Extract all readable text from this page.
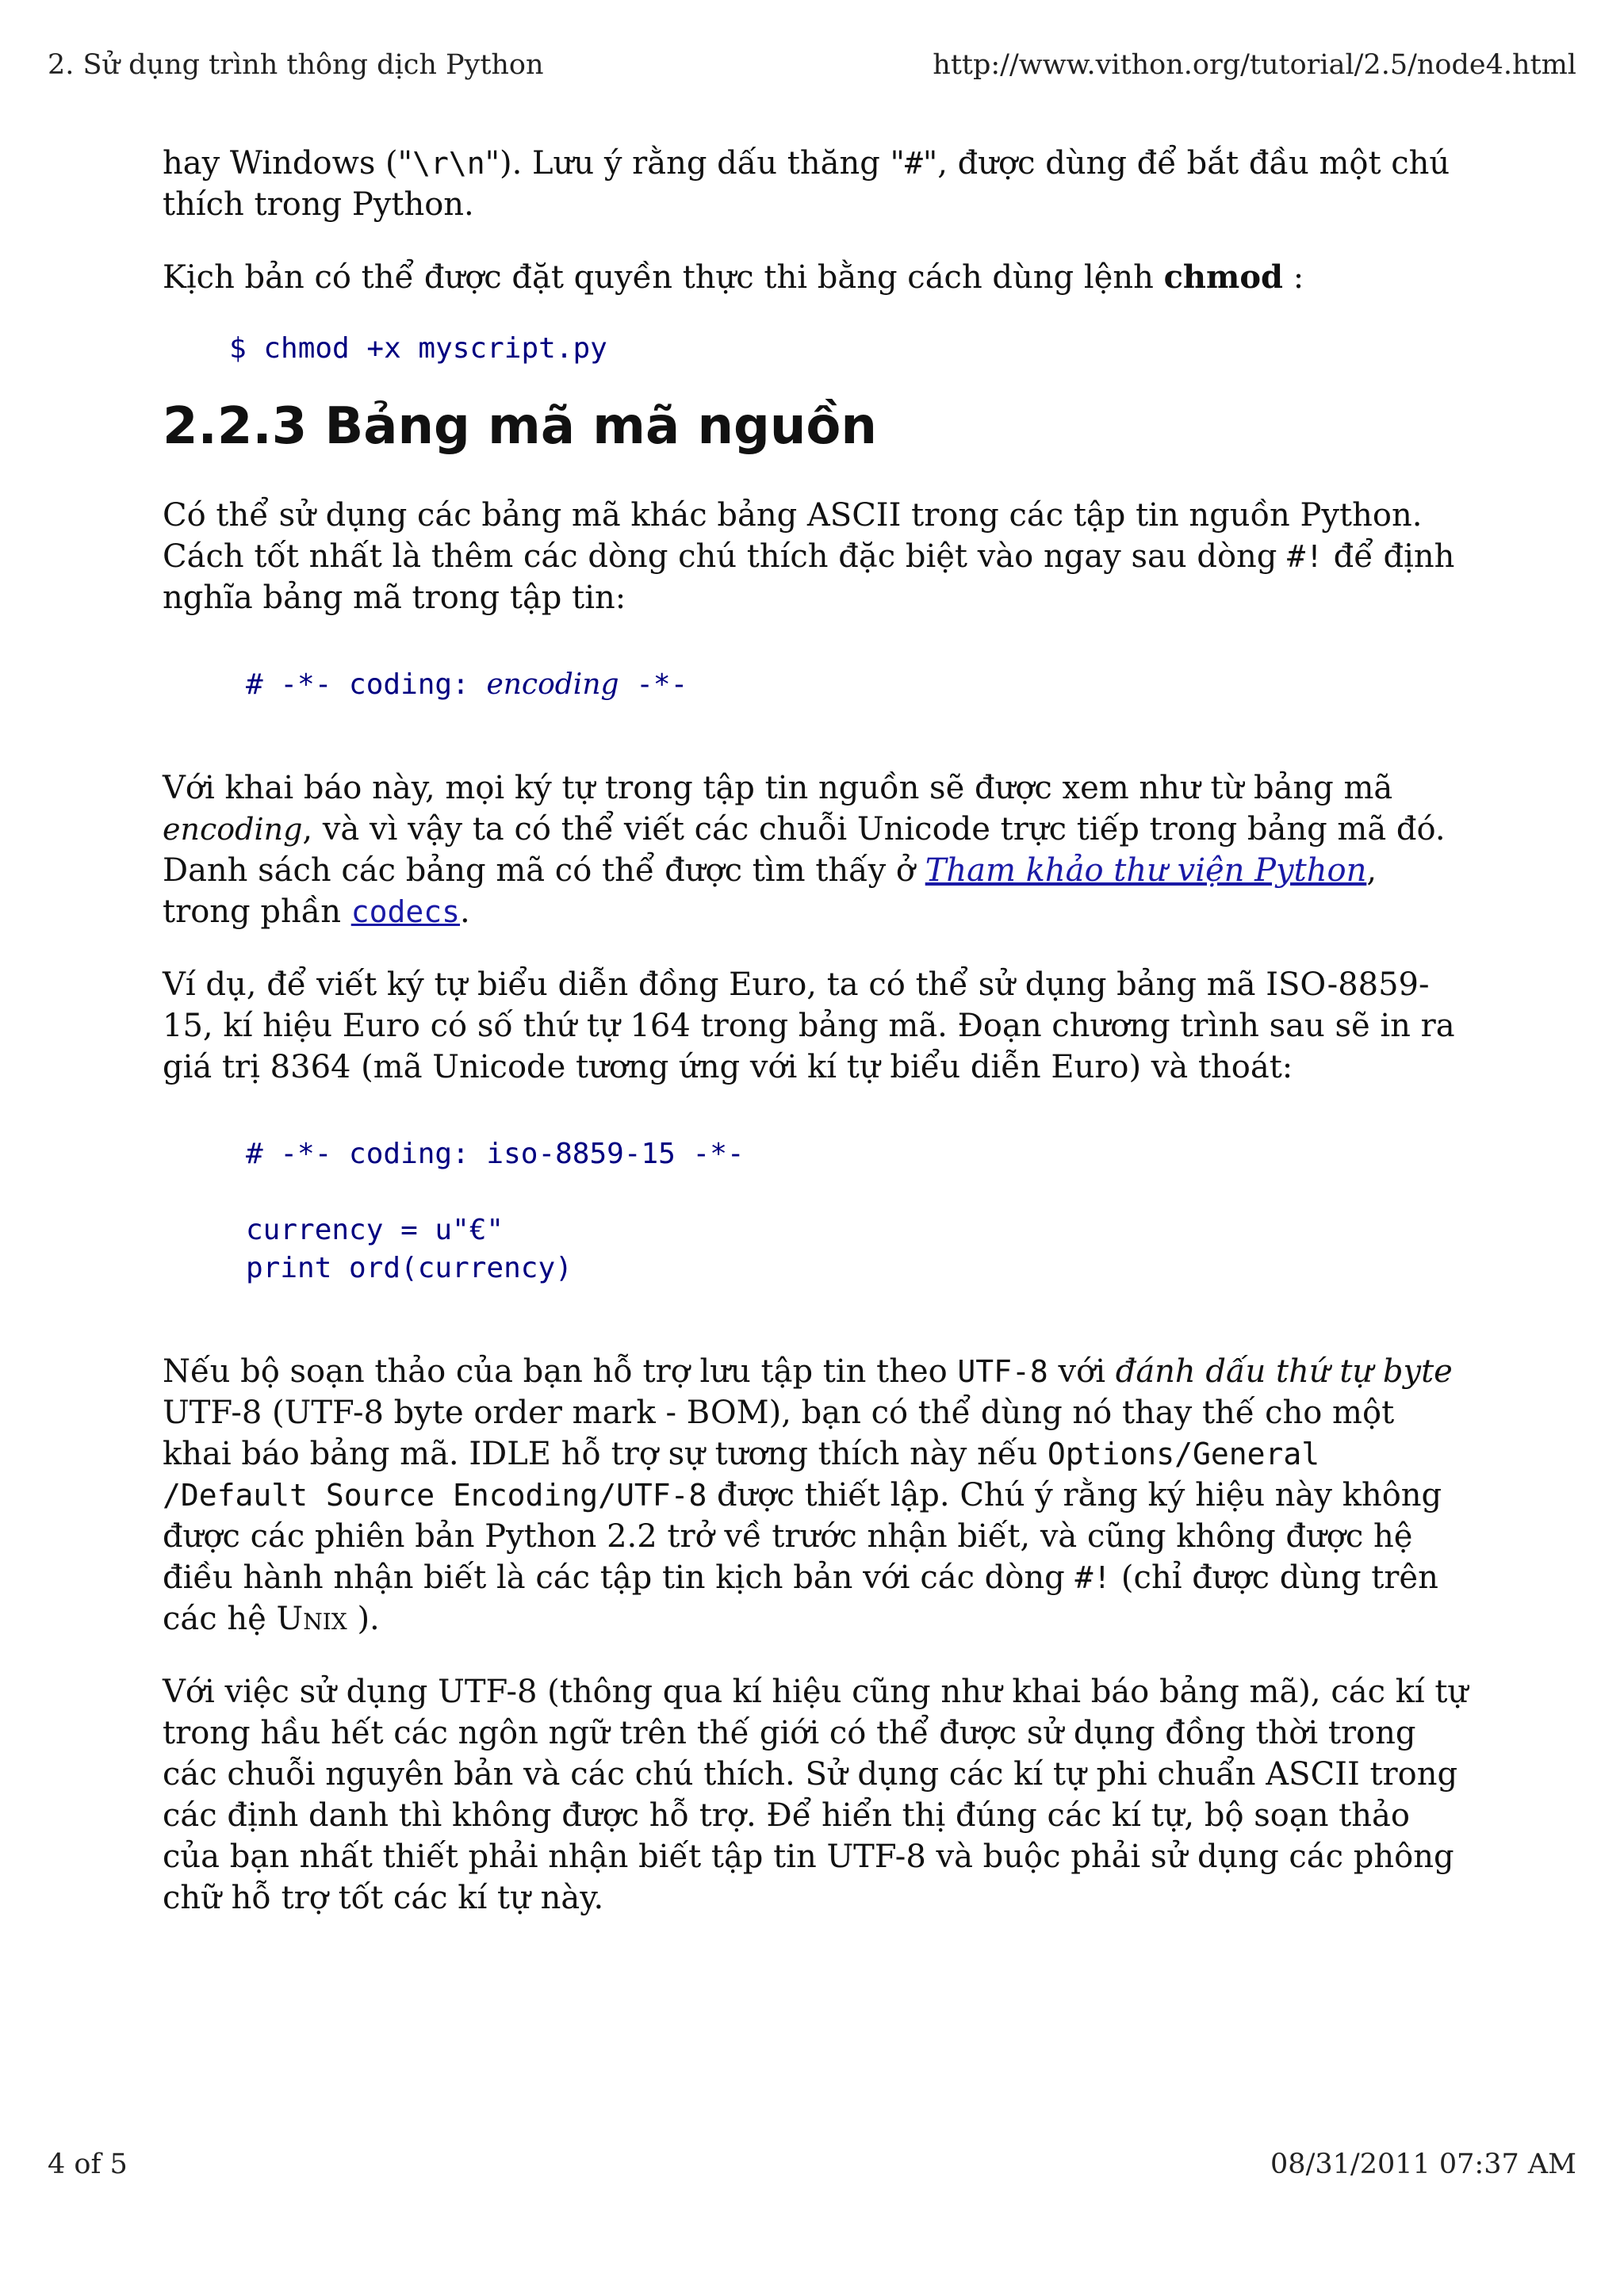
2. Sử dụng trình thông dịch Python	http://www.vithon.org/tutorial/2.5/node4.html

hay Windows ("\r\n"). Lưu ý rằng dấu thăng "#", được dùng để bắt đầu một chú thích trong Python.

Kịch bản có thể được đặt quyền thực thi bằng cách dùng lệnh chmod :

$ chmod +x myscript.py
2.2.3 Bảng mã mã nguồn

Có thể sử dụng các bảng mã khác bảng ASCII trong các tập tin nguồn Python. Cách tốt nhất là thêm các dòng chú thích đặc biệt vào ngay sau dòng #! để định nghĩa bảng mã trong tập tin:

# -*- coding: encoding -*-

Với khai báo này, mọi ký tự trong tập tin nguồn sẽ được xem như từ bảng mã encoding, và vì vậy ta có thể viết các chuỗi Unicode trực tiếp trong bảng mã đó. Danh sách các bảng mã có thể được tìm thấy ở Tham khảo thư viện Python, trong phần codecs.

Ví dụ, để viết ký tự biểu diễn đồng Euro, ta có thể sử dụng bảng mã ISO-8859-15, kí hiệu Euro có số thứ tự 164 trong bảng mã. Đoạn chương trình sau sẽ in ra giá trị 8364 (mã Unicode tương ứng với kí tự biểu diễn Euro) và thoát:

# -*- coding: iso-8859-15 -*-

currency = u"€"
print ord(currency)

Nếu bộ soạn thảo của bạn hỗ trợ lưu tập tin theo UTF-8 với đánh dấu thứ tự byte UTF-8 (UTF-8 byte order mark - BOM), bạn có thể dùng nó thay thế cho một khai báo bảng mã. IDLE hỗ trợ sự tương thích này nếu Options/General /Default Source Encoding/UTF-8 được thiết lập. Chú ý rằng ký hiệu này không được các phiên bản Python 2.2 trở về trước nhận biết, và cũng không được hệ điều hành nhận biết là các tập tin kịch bản với các dòng #! (chỉ được dùng trên các hệ Unix ).

Với việc sử dụng UTF-8 (thông qua kí hiệu cũng như khai báo bảng mã), các kí tự trong hầu hết các ngôn ngữ trên thế giới có thể được sử dụng đồng thời trong các chuỗi nguyên bản và các chú thích. Sử dụng các kí tự phi chuẩn ASCII trong các định danh thì không được hỗ trợ. Để hiển thị đúng các kí tự, bộ soạn thảo của bạn nhất thiết phải nhận biết tập tin UTF-8 và buộc phải sử dụng các phông chữ hỗ trợ tốt các kí tự này.

4 of 5	08/31/2011 07:37 AM
